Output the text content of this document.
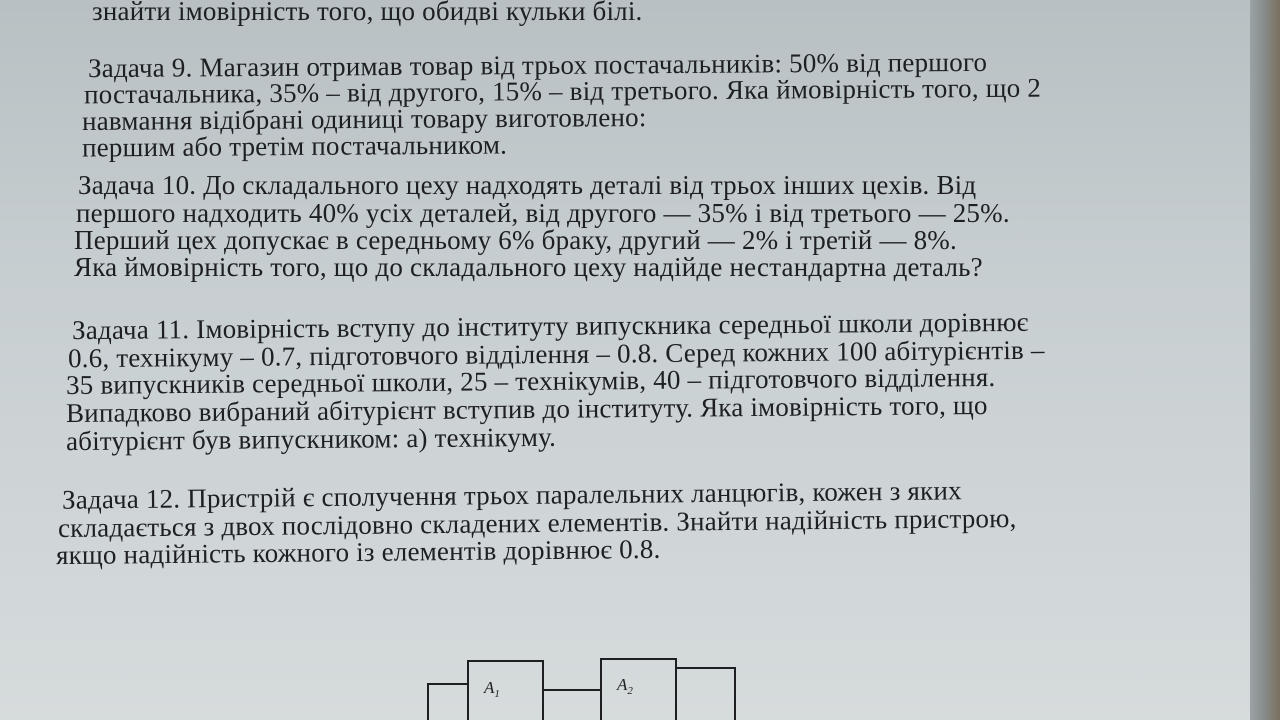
знайти імовірність того, що обидві кульки білі.
Задача 9. Магазин отримав товар від трьох постачальників: 50% від першого
постачальника, 35% – від другого, 15% – від третього. Яка ймовірність того, що 2
навмання відібрані одиниці товару виготовлено:
першим або третім постачальником.
Задача 10. До складального цеху надходять деталі від трьох інших цехів. Від
першого надходить 40% усіх деталей, від другого — 35% і від третього — 25%.
Перший цех допускає в середньому 6% браку, другий — 2% і третій — 8%.
Яка ймовірність того, що до складального цеху надійде нестандартна деталь?
Задача 11. Імовірність вступу до інституту випускника середньої школи дорівнює
0.6, технікуму – 0.7, підготовчого відділення – 0.8. Серед кожних 100 абітурієнтів –
35 випускників середньої школи, 25 – технікумів, 40 – підготовчого відділення.
Випадково вибраний абітурієнт вступив до інституту. Яка імовірність того, що
абітурієнт був випускником: а) технікуму.
Задача 12. Пристрій є сполучення трьох паралельних ланцюгів, кожен з яких
складається з двох послідовно складених елементів. Знайти надійність пристрою,
якщо надійність кожного із елементів дорівнює 0.8.
$A_1$	$A_2$
